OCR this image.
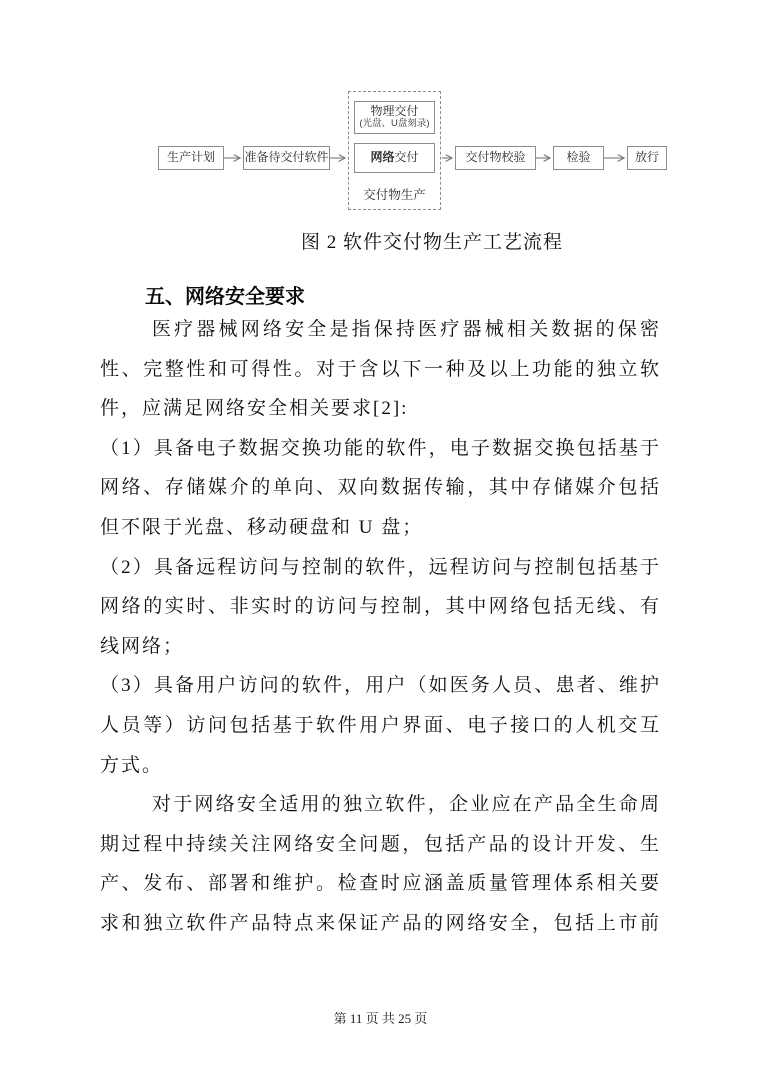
生产计划	准备待交付软件
物理交付
(光盘、U盘刻录)
网络 交付
交付物生产
交付物校验	检验	放行
图 2 软件交付物生产工艺流程
五、网络安全要求
医疗器械网络安全是指保持医疗器械相关数据的保密
性、完整性和可得性。对于含以下一种及以上功能的独立软
件，应满足网络安全相关要求[2]:
（1）具备电子数据交换功能的软件，电子数据交换包括基于
网络、存储媒介的单向、双向数据传输，其中存储媒介包括
但不限于光盘、移动硬盘和 U 盘；
（2）具备远程访问与控制的软件，远程访问与控制包括基于
网络的实时、非实时的访问与控制，其中网络包括无线、有
线网络；
（3）具备用户访问的软件，用户（如医务人员、患者、维护
人员等）访问包括基于软件用户界面、电子接口的人机交互
方式。
对于网络安全适用的独立软件，企业应在产品全生命周
期过程中持续关注网络安全问题，包括产品的设计开发、生
产、发布、部署和维护。检查时应涵盖质量管理体系相关要
求和独立软件产品特点来保证产品的网络安全，包括上市前
第 11 页 共 25 页
